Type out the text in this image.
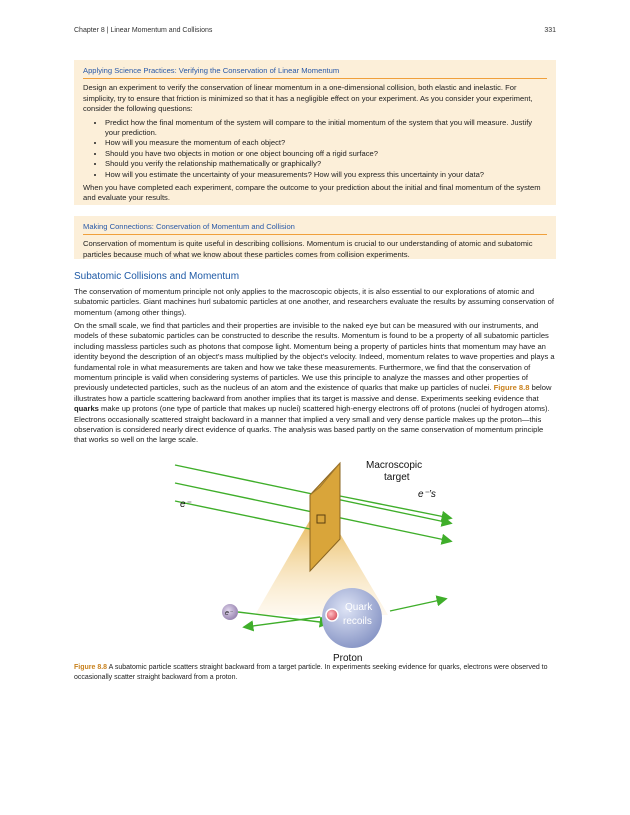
Chapter 8 | Linear Momentum and Collisions	331
Applying Science Practices: Verifying the Conservation of Linear Momentum

Design an experiment to verify the conservation of linear momentum in a one-dimensional collision, both elastic and inelastic. For simplicity, try to ensure that friction is minimized so that it has a negligible effect on your experiment. As you consider your experiment, consider the following questions:

• Predict how the final momentum of the system will compare to the initial momentum of the system that you will measure. Justify your prediction.
• How will you measure the momentum of each object?
• Should you have two objects in motion or one object bouncing off a rigid surface?
• Should you verify the relationship mathematically or graphically?
• How will you estimate the uncertainty of your measurements? How will you express this uncertainty in your data?

When you have completed each experiment, compare the outcome to your prediction about the initial and final momentum of the system and evaluate your results.

Making Connections: Conservation of Momentum and Collision

Conservation of momentum is quite useful in describing collisions. Momentum is crucial to our understanding of atomic and subatomic particles because much of what we know about these particles comes from collision experiments.

Subatomic Collisions and Momentum
The conservation of momentum principle not only applies to the macroscopic objects, it is also essential to our explorations of atomic and subatomic particles. Giant machines hurl subatomic particles at one another, and researchers evaluate the results by assuming conservation of momentum (among other things).
On the small scale, we find that particles and their properties are invisible to the naked eye but can be measured with our instruments, and models of these subatomic particles can be constructed to describe the results. Momentum is found to be a property of all subatomic particles including massless particles such as photons that compose light. Momentum being a property of particles hints that momentum may have an identity beyond the description of an object's mass multiplied by the object's velocity. Indeed, momentum relates to wave properties and plays a fundamental role in what measurements are taken and how we take these measurements. Furthermore, we find that the conservation of momentum principle is valid when considering systems of particles. We use this principle to analyze the masses and other properties of previously undetected particles, such as the nucleus of an atom and the existence of quarks that make up particles of nuclei. Figure 8.8 below illustrates how a particle scattering backward from another implies that its target is massive and dense. Experiments seeking evidence that quarks make up protons (one type of particle that makes up nuclei) scattered high-energy electrons off of protons (nuclei of hydrogen atoms). Electrons occasionally scattered straight backward in a manner that implied a very small and very dense particle makes up the proton—this observation is considered nearly direct evidence of quarks. The analysis was based partly on the same conservation of momentum principle that works so well on the large scale.
Macroscopic
target
e⁻’s
e⁻
e⁻
Quark
recoils
Proton
Figure 8.8 A subatomic particle scatters straight backward from a target particle. In experiments seeking evidence for quarks, electrons were observed to occasionally scatter straight backward from a proton.
